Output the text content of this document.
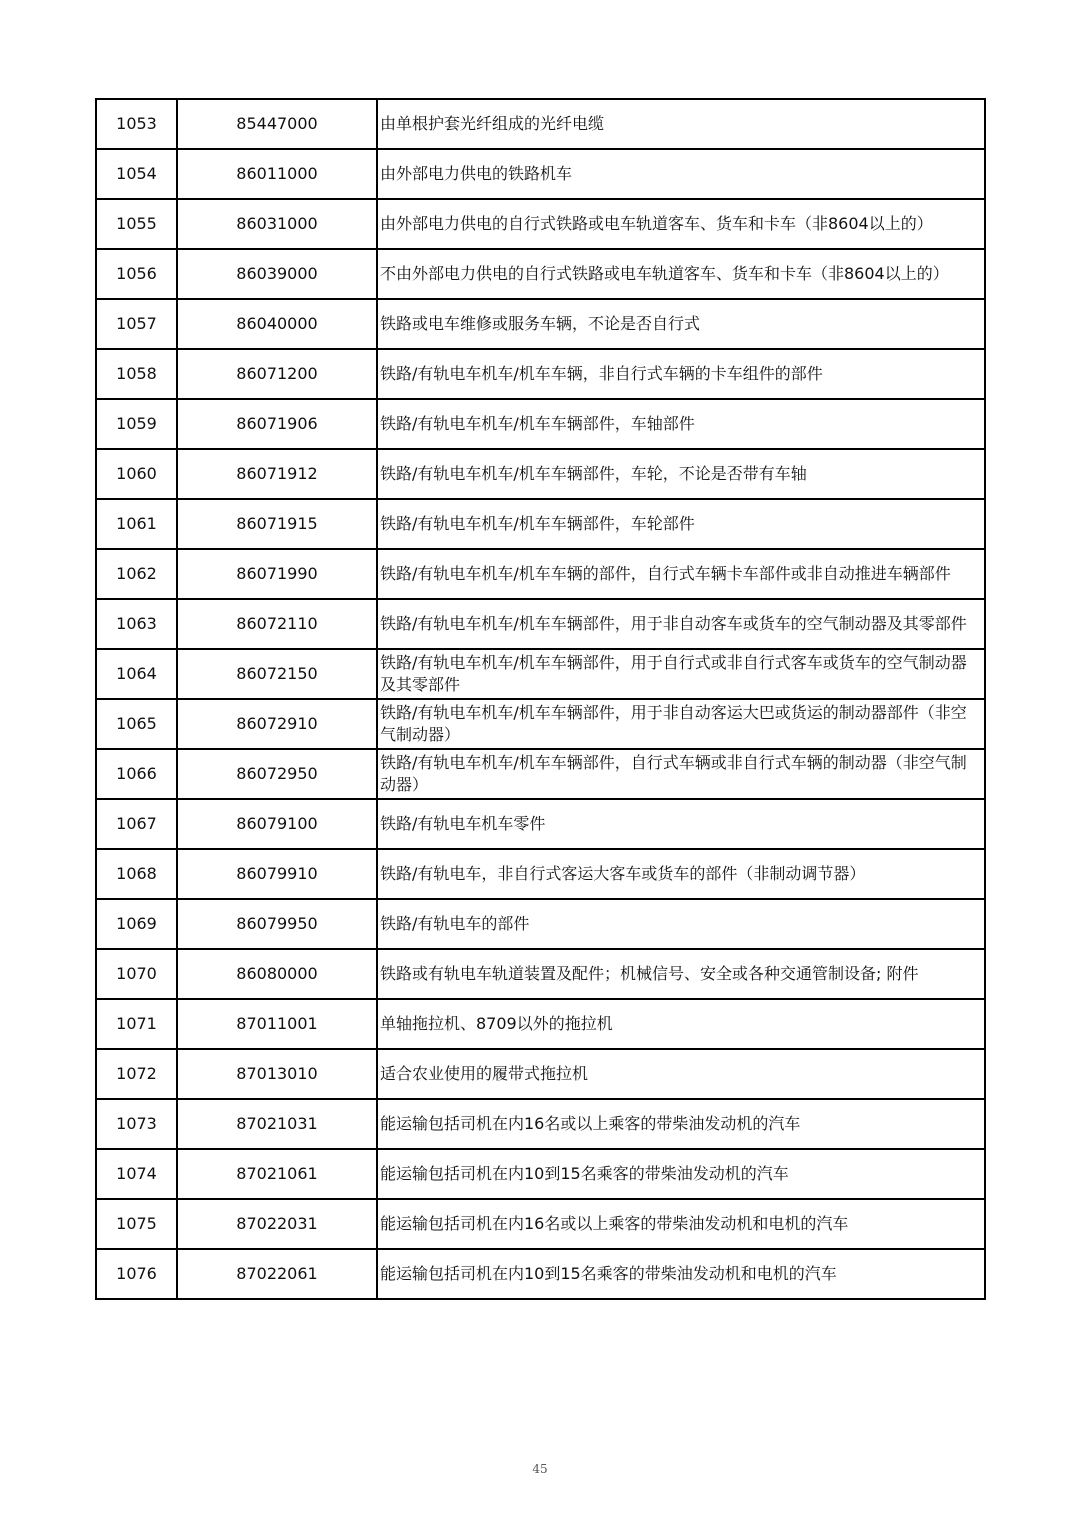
1053	85447000	由单根护套光纤组成的光纤电缆
1054	86011000	由外部电力供电的铁路机车
1055	86031000	由外部电力供电的自行式铁路或电车轨道客车、货车和卡车（非8604以上的）
1056	86039000	不由外部电力供电的自行式铁路或电车轨道客车、货车和卡车（非8604以上的）
1057	86040000	铁路或电车维修或服务车辆，不论是否自行式
1058	86071200	铁路/有轨电车机车/机车车辆，非自行式车辆的卡车组件的部件
1059	86071906	铁路/有轨电车机车/机车车辆部件，车轴部件
1060	86071912	铁路/有轨电车机车/机车车辆部件，车轮，不论是否带有车轴
1061	86071915	铁路/有轨电车机车/机车车辆部件，车轮部件
1062	86071990	铁路/有轨电车机车/机车车辆的部件，自行式车辆卡车部件或非自动推进车辆部件
1063	86072110	铁路/有轨电车机车/机车车辆部件，用于非自动客车或货车的空气制动器及其零部件
1064	86072150	铁路/有轨电车机车/机车车辆部件，用于自行式或非自行式客车或货车的空气制动器及其零部件
1065	86072910	铁路/有轨电车机车/机车车辆部件，用于非自动客运大巴或货运的制动器部件（非空气制动器）
1066	86072950	铁路/有轨电车机车/机车车辆部件，自行式车辆或非自行式车辆的制动器（非空气制动器）
1067	86079100	铁路/有轨电车机车零件
1068	86079910	铁路/有轨电车，非自行式客运大客车或货车的部件（非制动调节器）
1069	86079950	铁路/有轨电车的部件
1070	86080000	铁路或有轨电车轨道装置及配件；机械信号、安全或各种交通管制设备; 附件
1071	87011001	单轴拖拉机、8709以外的拖拉机
1072	87013010	适合农业使用的履带式拖拉机
1073	87021031	能运输包括司机在内16名或以上乘客的带柴油发动机的汽车
1074	87021061	能运输包括司机在内10到15名乘客的带柴油发动机的汽车
1075	87022031	能运输包括司机在内16名或以上乘客的带柴油发动机和电机的汽车
1076	87022061	能运输包括司机在内10到15名乘客的带柴油发动机和电机的汽车
45
